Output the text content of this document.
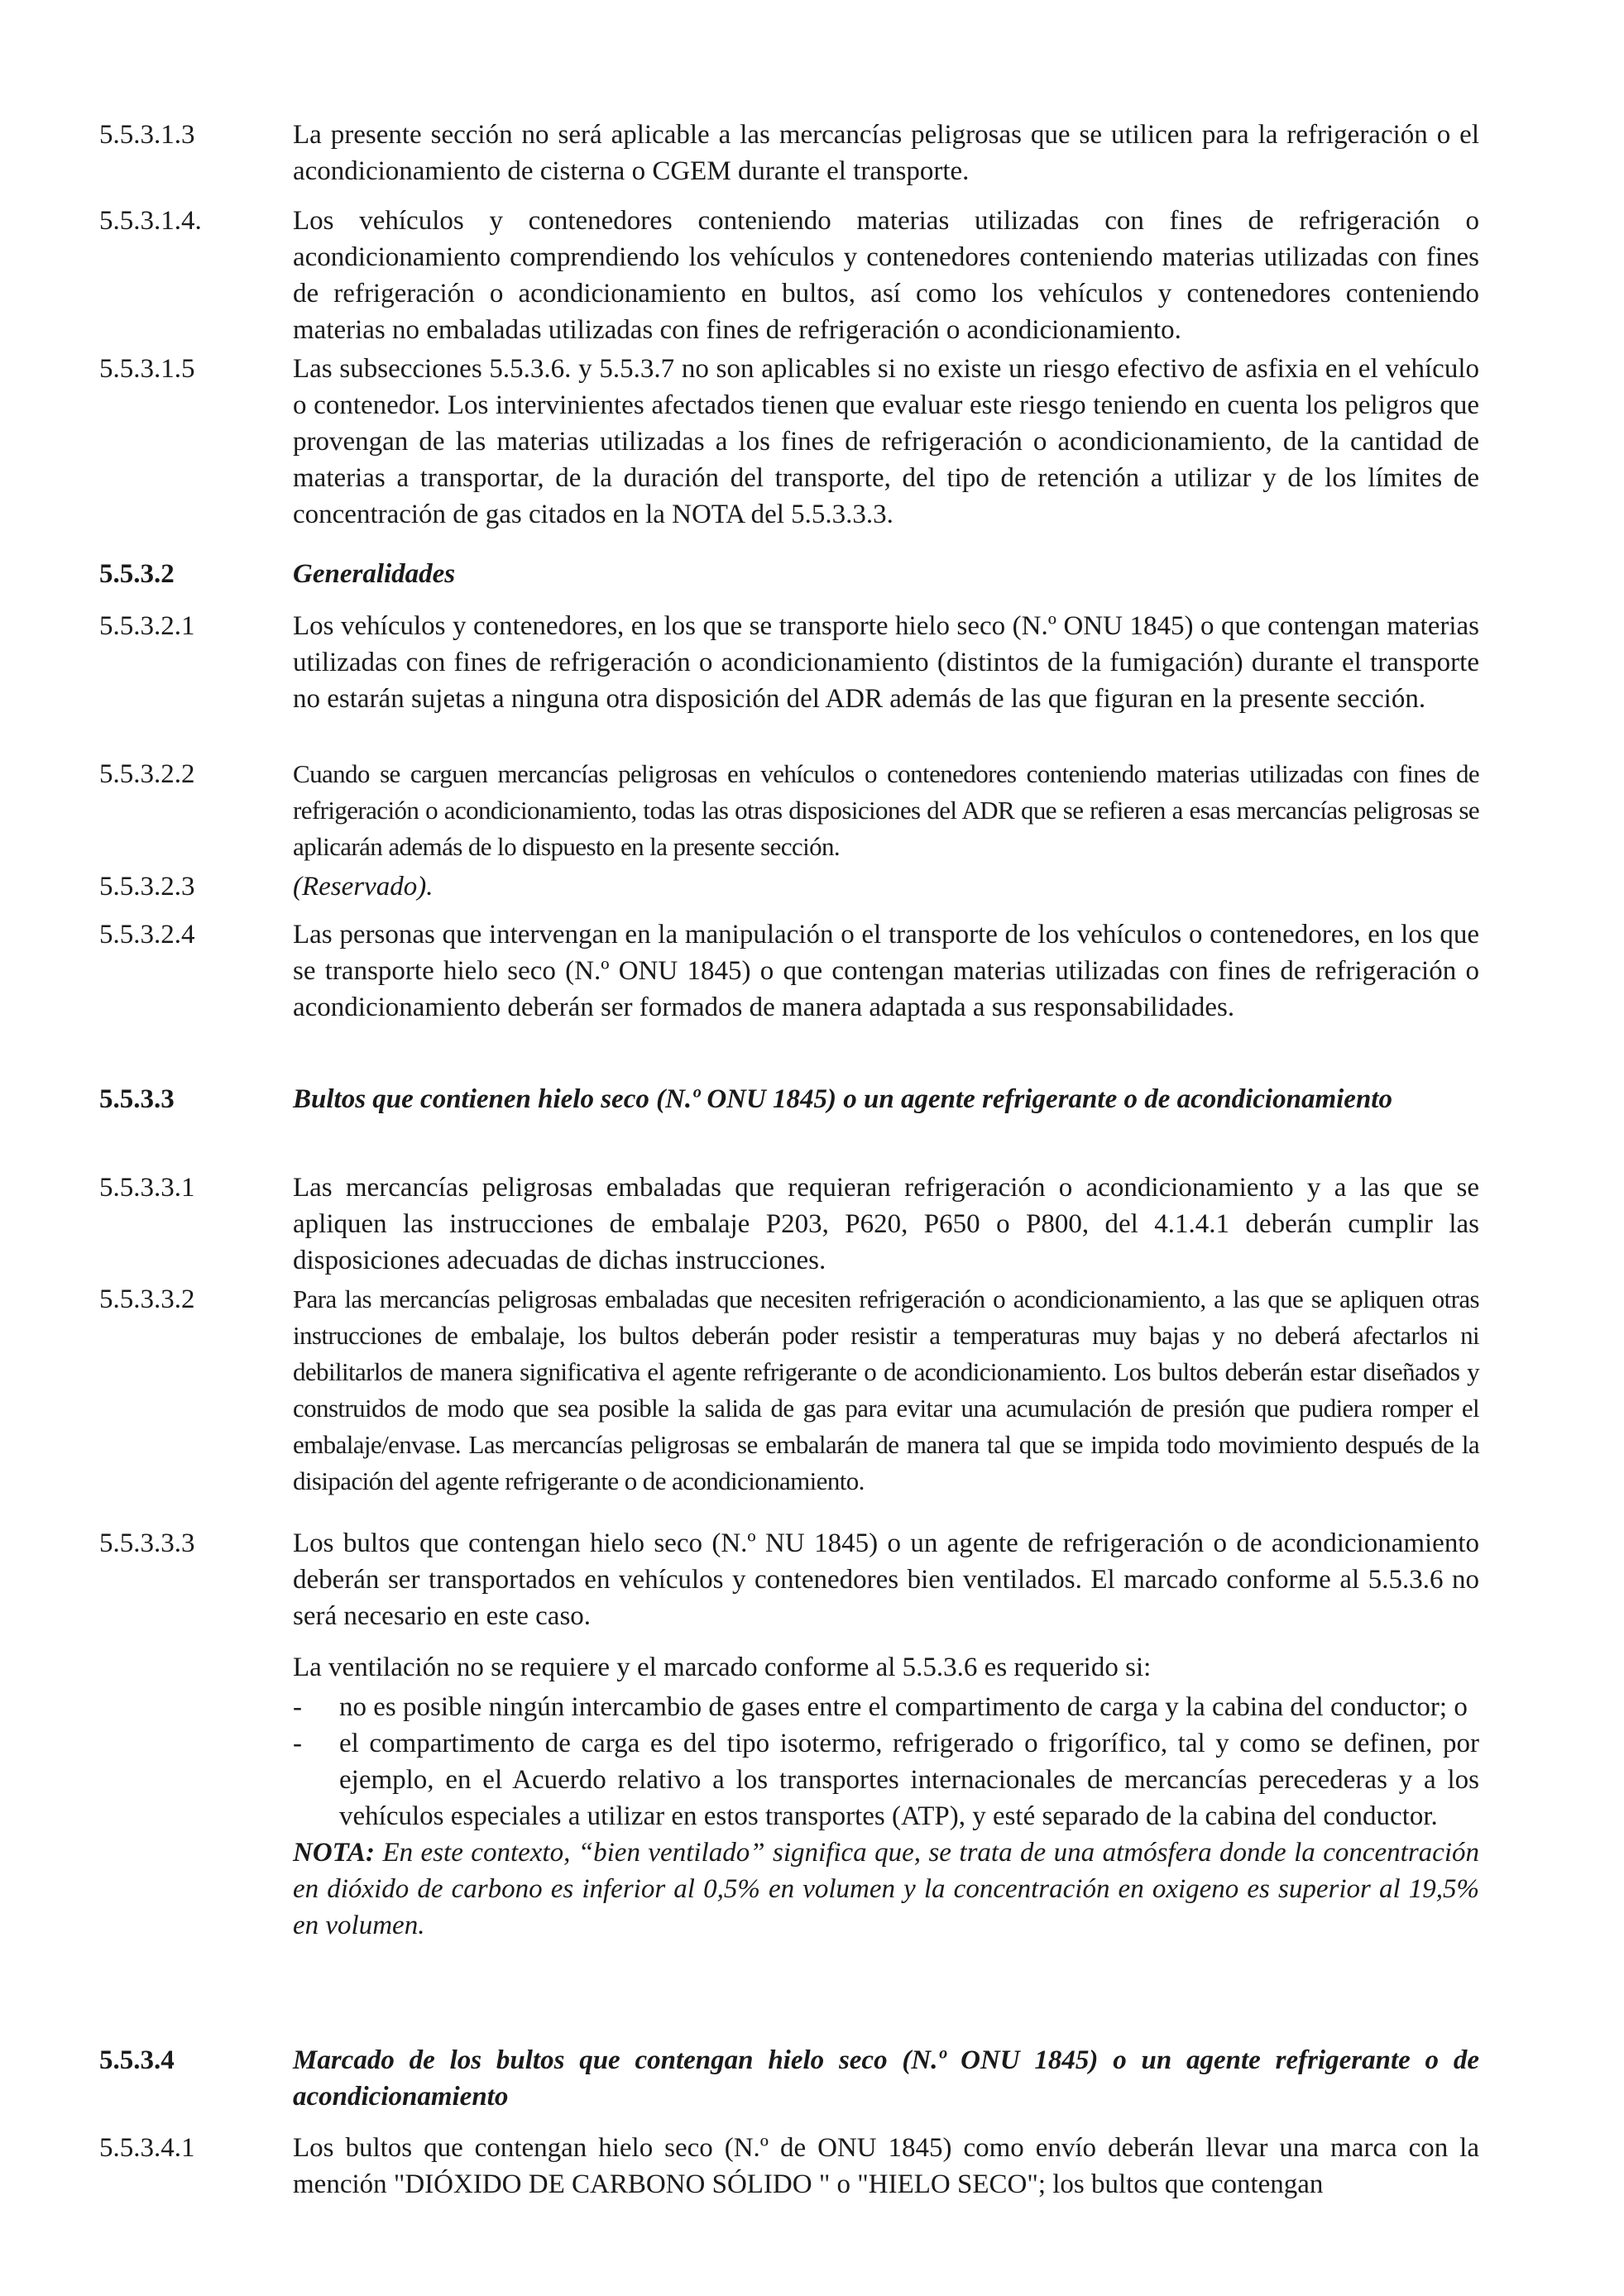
5.5.3.1.3	La presente sección no será aplicable a las mercancías peligrosas que se utilicen para la refrigeración o el acondicionamiento de cisterna o CGEM durante el transporte.
5.5.3.1.4.	Los vehículos y contenedores conteniendo materias utilizadas con fines de refrigeración o acondicionamiento comprendiendo los vehículos y contenedores conteniendo materias utilizadas con fines de refrigeración o acondicionamiento en bultos, así como los vehículos y contenedores conteniendo materias no embaladas utilizadas con fines de refrigeración o acondicionamiento.
5.5.3.1.5	Las subsecciones 5.5.3.6. y 5.5.3.7 no son aplicables si no existe un riesgo efectivo de asfixia en el vehículo o contenedor. Los intervinientes afectados tienen que evaluar este riesgo teniendo en cuenta los peligros que provengan de las materias utilizadas a los fines de refrigeración o acondicionamiento, de la cantidad de materias a transportar, de la duración del transporte, del tipo de retención a utilizar y de los límites de concentración de gas citados en la NOTA del 5.5.3.3.3.
5.5.3.2	Generalidades
5.5.3.2.1	Los vehículos y contenedores, en los que se transporte hielo seco (N.º ONU 1845) o que contengan materias utilizadas con fines de refrigeración o acondicionamiento (distintos de la fumigación) durante el transporte no estarán sujetas a ninguna otra disposición del ADR además de las que figuran en la presente sección.
5.5.3.2.2	Cuando se carguen mercancías peligrosas en vehículos o contenedores conteniendo materias utilizadas con fines de refrigeración o acondicionamiento, todas las otras disposiciones del ADR que se refieren a esas mercancías peligrosas se aplicarán además de lo dispuesto en la presente sección.
5.5.3.2.3	(Reservado).
5.5.3.2.4	Las personas que intervengan en la manipulación o el transporte de los vehículos o contenedores, en los que se transporte hielo seco (N.º ONU 1845) o que contengan materias utilizadas con fines de refrigeración o acondicionamiento deberán ser formados de manera adaptada a sus responsabilidades.
5.5.3.3	Bultos que contienen hielo seco (N.º ONU 1845) o un agente refrigerante o de acondicionamiento
5.5.3.3.1	Las mercancías peligrosas embaladas que requieran refrigeración o acondicionamiento y a las que se apliquen las instrucciones de embalaje P203, P620, P650 o P800, del 4.1.4.1 deberán cumplir las disposiciones adecuadas de dichas instrucciones.
5.5.3.3.2	Para las mercancías peligrosas embaladas que necesiten refrigeración o acondicionamiento, a las que se apliquen otras instrucciones de embalaje, los bultos deberán poder resistir a temperaturas muy bajas y no deberá afectarlos ni debilitarlos de manera significativa el agente refrigerante o de acondicionamiento. Los bultos deberán estar diseñados y construidos de modo que sea posible la salida de gas para evitar una acumulación de presión que pudiera romper el embalaje/envase. Las mercancías peligrosas se embalarán de manera tal que se impida todo movimiento después de la disipación del agente refrigerante o de acondicionamiento.
5.5.3.3.3	Los bultos que contengan hielo seco (N.º NU 1845) o un agente de refrigeración o de acondicionamiento deberán ser transportados en vehículos y contenedores bien ventilados. El marcado conforme al 5.5.3.6 no será necesario en este caso.

La ventilación no se requiere y el marcado conforme al 5.5.3.6 es requerido si:

- no es posible ningún intercambio de gases entre el compartimento de carga y la cabina del conductor; o
- el compartimento de carga es del tipo isotermo, refrigerado o frigorífico, tal y como se definen, por ejemplo, en el Acuerdo relativo a los transportes internacionales de mercancías perecederas y a los vehículos especiales a utilizar en estos transportes (ATP), y esté separado de la cabina del conductor.

NOTA: En este contexto, “bien ventilado” significa que, se trata de una atmósfera donde la concentración en dióxido de carbono es inferior al 0,5% en volumen y la concentración en oxigeno es superior al 19,5% en volumen.

5.5.3.4	Marcado de los bultos que contengan hielo seco (N.º ONU 1845) o un agente refrigerante o de acondicionamiento
5.5.3.4.1	Los bultos que contengan hielo seco (N.º de ONU 1845) como envío deberán llevar una marca con la mención "DIÓXIDO DE CARBONO SÓLIDO " o "HIELO SECO"; los bultos que contengan
